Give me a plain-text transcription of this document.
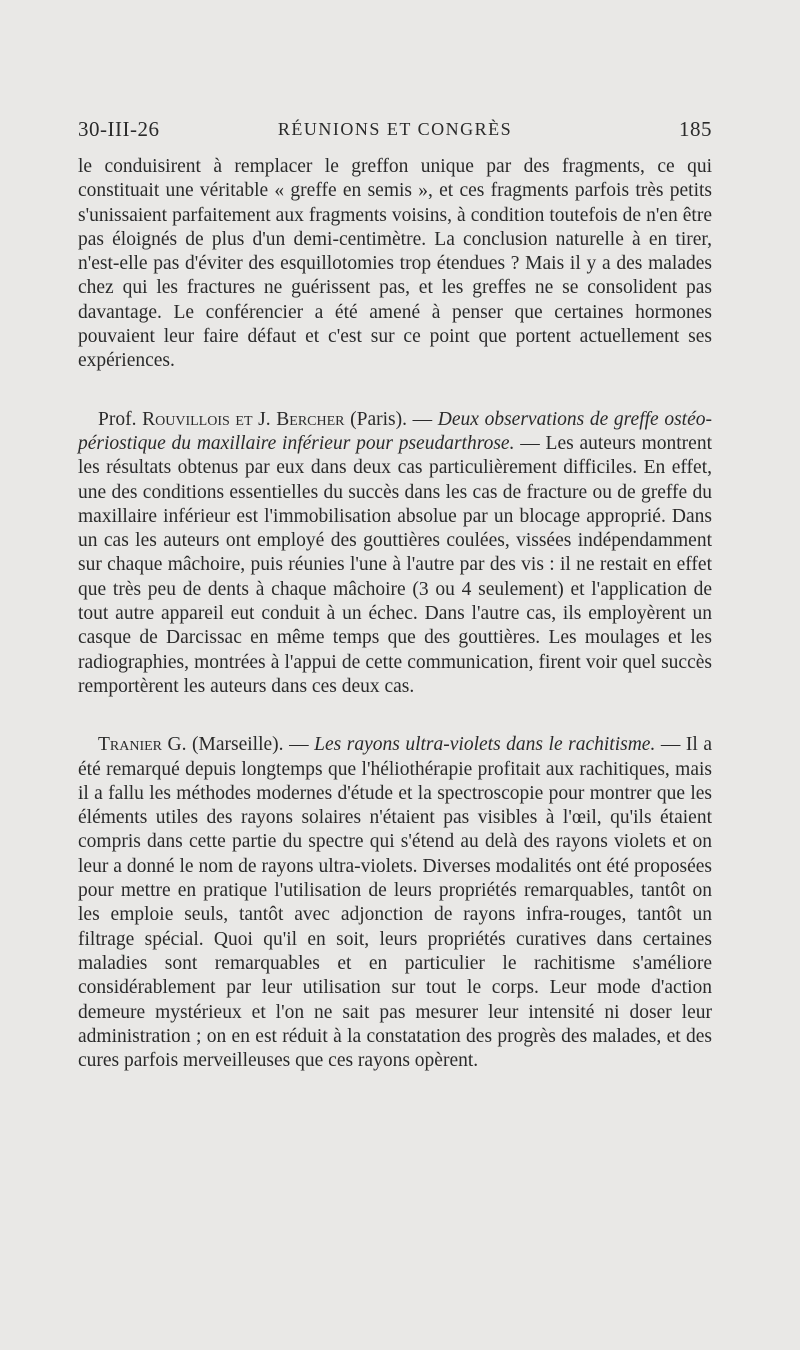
30-III-26	RÉUNIONS ET CONGRÈS	185

le conduisirent à remplacer le greffon unique par des fragments, ce qui constituait une véritable « greffe en semis », et ces fragments parfois très petits s'unissaient parfaitement aux fragments voisins, à condition toutefois de n'en être pas éloignés de plus d'un demi-centimètre. La conclusion naturelle à en tirer, n'est-elle pas d'éviter des esquillotomies trop étendues ? Mais il y a des malades chez qui les fractures ne guérissent pas, et les greffes ne se consolident pas davantage. Le conférencier a été amené à penser que certaines hormones pouvaient leur faire défaut et c'est sur ce point que portent actuellement ses expériences.

Prof. Rouvillois et J. Bercher (Paris). — Deux observations de greffe ostéo-périostique du maxillaire inférieur pour pseudarthrose. — Les auteurs montrent les résultats obtenus par eux dans deux cas particulièrement difficiles. En effet, une des conditions essentielles du succès dans les cas de fracture ou de greffe du maxillaire inférieur est l'immobilisation absolue par un blocage approprié. Dans un cas les auteurs ont employé des gouttières coulées, vissées indépendamment sur chaque mâchoire, puis réunies l'une à l'autre par des vis : il ne restait en effet que très peu de dents à chaque mâchoire (3 ou 4 seulement) et l'application de tout autre appareil eut conduit à un échec. Dans l'autre cas, ils employèrent un casque de Darcissac en même temps que des gouttières. Les moulages et les radiographies, montrées à l'appui de cette communication, firent voir quel succès remportèrent les auteurs dans ces deux cas.

Tranier G. (Marseille). — Les rayons ultra-violets dans le rachitisme. — Il a été remarqué depuis longtemps que l'héliothérapie profitait aux rachitiques, mais il a fallu les méthodes modernes d'étude et la spectroscopie pour montrer que les éléments utiles des rayons solaires n'étaient pas visibles à l'œil, qu'ils étaient compris dans cette partie du spectre qui s'étend au delà des rayons violets et on leur a donné le nom de rayons ultra-violets. Diverses modalités ont été proposées pour mettre en pratique l'utilisation de leurs propriétés remarquables, tantôt on les emploie seuls, tantôt avec adjonction de rayons infra-rouges, tantôt un filtrage spécial. Quoi qu'il en soit, leurs propriétés curatives dans certaines maladies sont remarquables et en particulier le rachitisme s'améliore considérablement par leur utilisation sur tout le corps. Leur mode d'action demeure mystérieux et l'on ne sait pas mesurer leur intensité ni doser leur administration ; on en est réduit à la constatation des progrès des malades, et des cures parfois merveilleuses que ces rayons opèrent.
